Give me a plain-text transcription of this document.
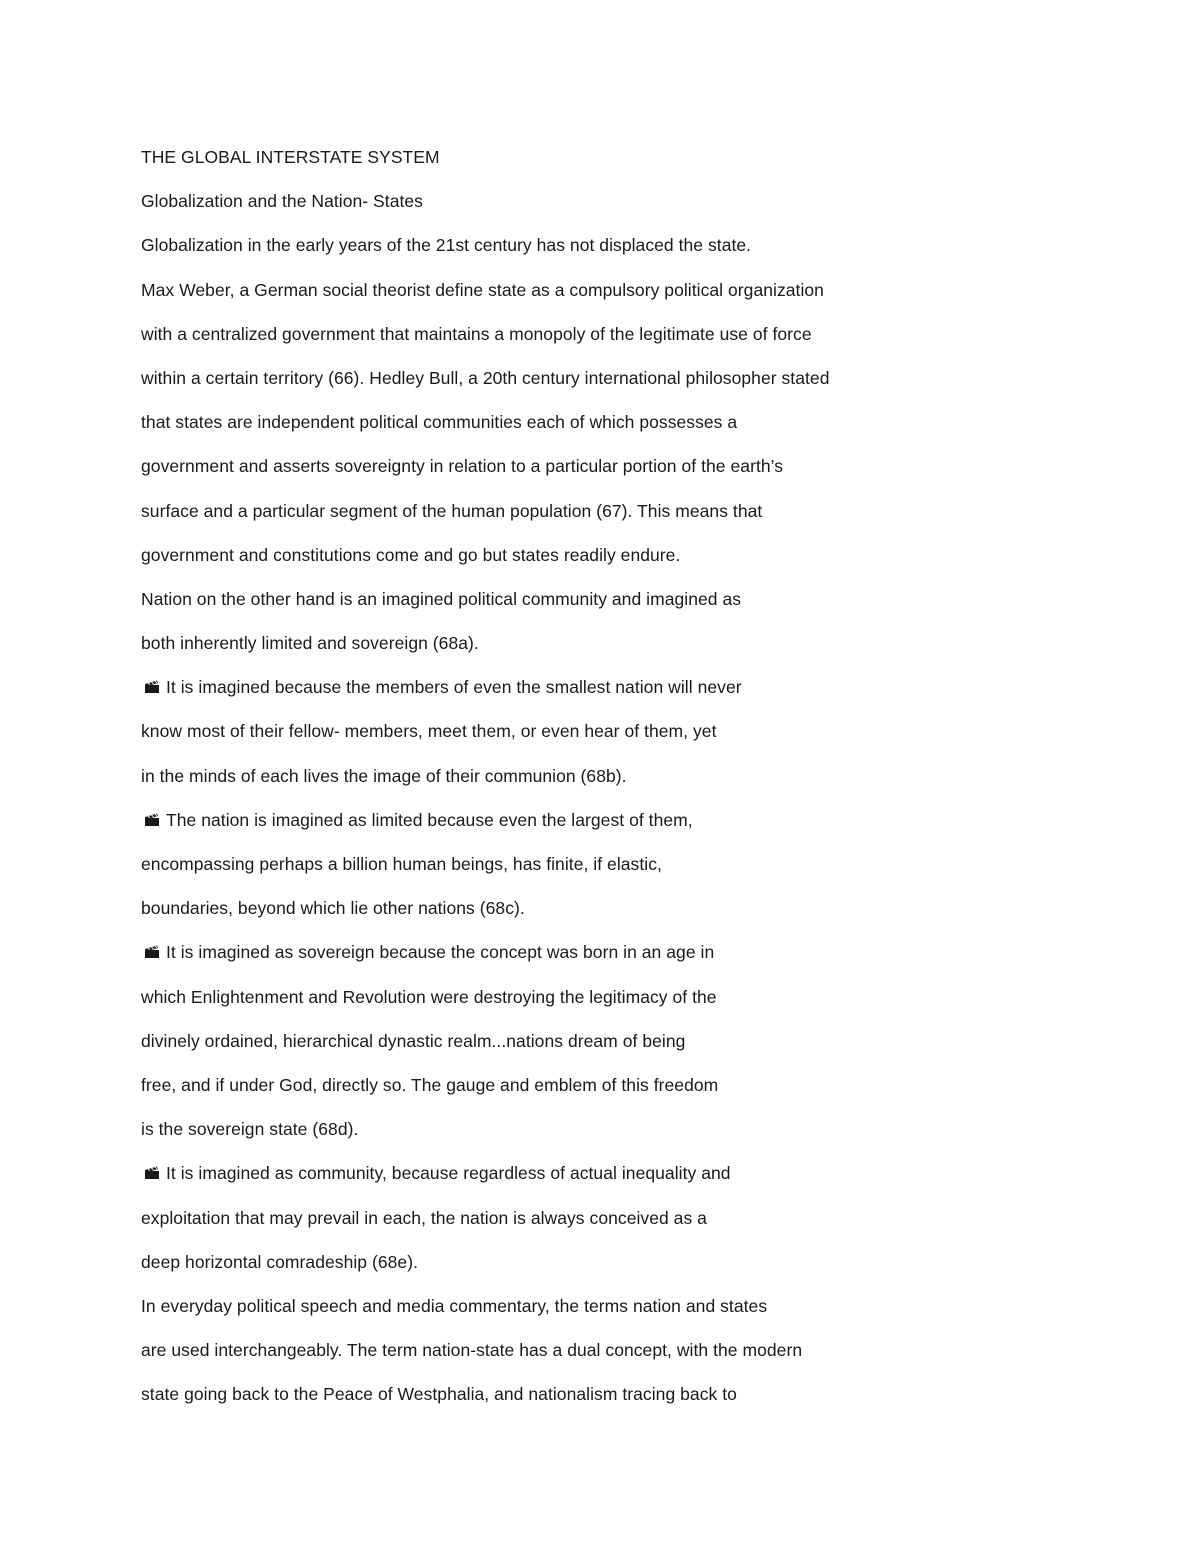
THE GLOBAL INTERSTATE SYSTEM
Globalization and the Nation- States
Globalization in the early years of the 21st century has not displaced the state.
Max Weber, a German social theorist define state as a compulsory political organization
with a centralized government that maintains a monopoly of the legitimate use of force
within a certain territory (66). Hedley Bull, a 20th century international philosopher stated
that states are independent political communities each of which possesses a
government and asserts sovereignty in relation to a particular portion of the earth’s
surface and a particular segment of the human population (67). This means that
government and constitutions come and go but states readily endure.
Nation on the other hand is an imagined political community and imagined as
both inherently limited and sovereign (68a).
It is imagined because the members of even the smallest nation will never
know most of their fellow- members, meet them, or even hear of them, yet
in the minds of each lives the image of their communion (68b).
The nation is imagined as limited because even the largest of them,
encompassing perhaps a billion human beings, has finite, if elastic,
boundaries, beyond which lie other nations (68c).
It is imagined as sovereign because the concept was born in an age in
which Enlightenment and Revolution were destroying the legitimacy of the
divinely ordained, hierarchical dynastic realm...nations dream of being
free, and if under God, directly so. The gauge and emblem of this freedom
is the sovereign state (68d).
It is imagined as community, because regardless of actual inequality and
exploitation that may prevail in each, the nation is always conceived as a
deep horizontal comradeship (68e).
In everyday political speech and media commentary, the terms nation and states
are used interchangeably. The term nation-state has a dual concept, with the modern
state going back to the Peace of Westphalia, and nationalism tracing back to
